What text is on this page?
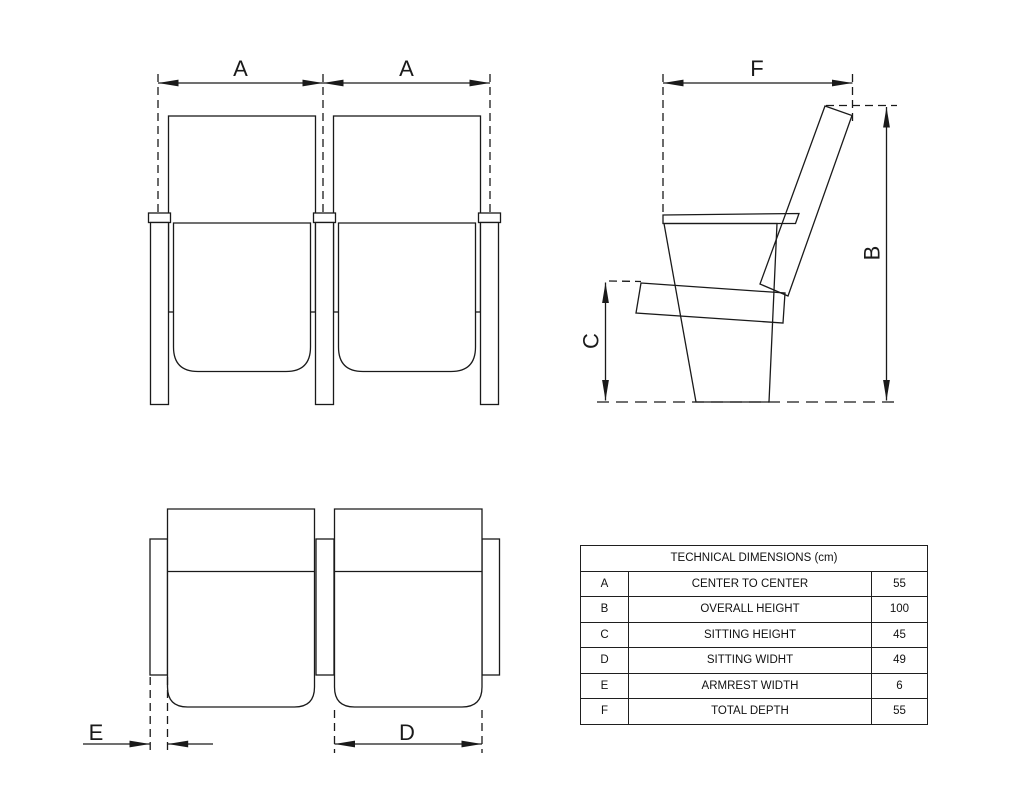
A	A	F
B
C
E	D
TECHNICAL DIMENSIONS (cm)		
A	CENTER TO CENTER	55
B	OVERALL HEIGHT	100
C	SITTING HEIGHT	45
D	SITTING WIDHT	49
E	ARMREST WIDTH	6
F	TOTAL DEPTH	55
